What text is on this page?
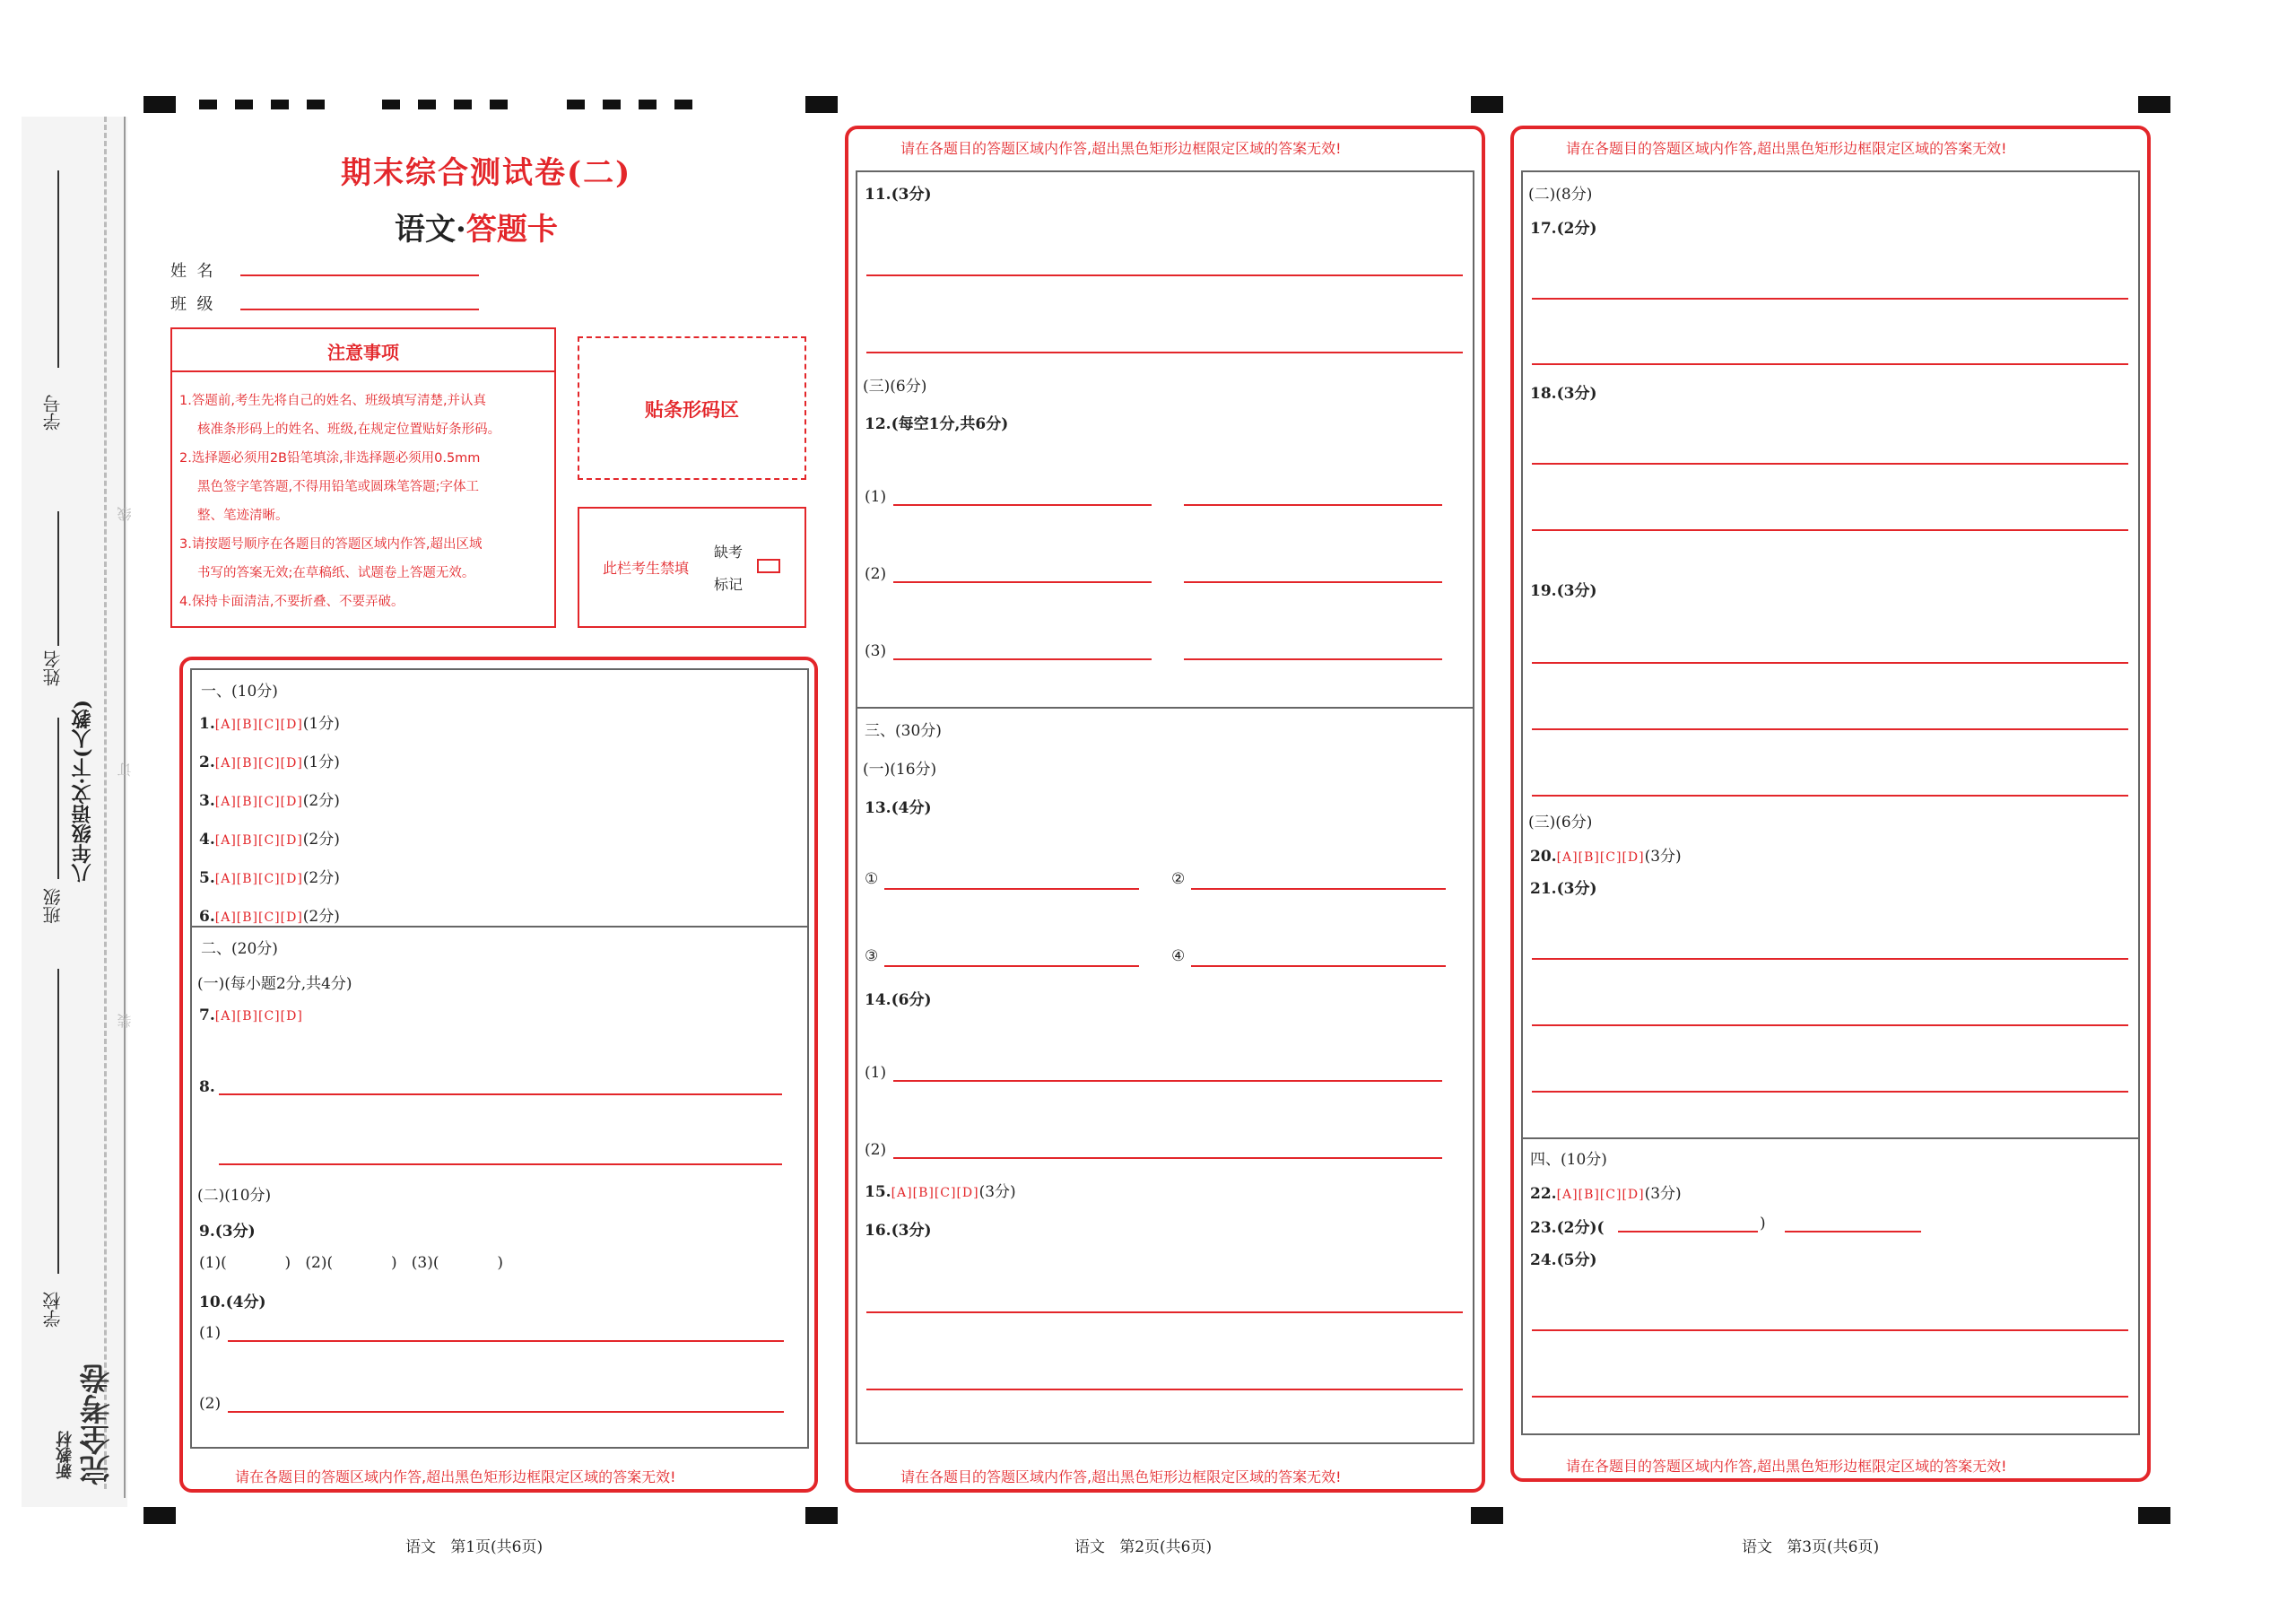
线
订
装
学号
姓名
班级
八年级语文·下(人教)
学校
新教材 完全考卷
期末综合测试卷(二)
语文·答题卡
姓  名
班  级
注意事项
1.答题前,考生先将自己的姓名、班级填写清楚,并认真
核准条形码上的姓名、班级,在规定位置贴好条形码。
2.选择题必须用2B铅笔填涂,非选择题必须用0.5mm
黑色签字笔答题,不得用铅笔或圆珠笔答题;字体工
整、笔迹清晰。
3.请按题号顺序在各题目的答题区域内作答,超出区域
书写的答案无效;在草稿纸、试题卷上答题无效。
4.保持卡面清洁,不要折叠、不要弄破。
贴条形码区
此栏考生禁填
缺考
标记
一、(10分)
1.[A][B][C][D](1分)
2.[A][B][C][D](1分)
3.[A][B][C][D](2分)
4.[A][B][C][D](2分)
5.[A][B][C][D](2分)
6.[A][B][C][D](2分)
二、(20分)
(一)(每小题2分,共4分)
7.[A][B][C][D]
8.
(二)(10分)
9.(3分)
(1)(            )   (2)(            )   (3)(            )
10.(4分)
(1)
(2)
请在各题目的答题区域内作答,超出黑色矩形边框限定区域的答案无效!
请在各题目的答题区域内作答,超出黑色矩形边框限定区域的答案无效!
11.(3分)
(三)(6分)
12.(每空1分,共6分)
(1)
(2)
(3)
三、(30分)
(一)(16分)
13.(4分)
①	②
③	④
14.(6分)
(1)
(2)
15.[A][B][C][D](3分)
16.(3分)
请在各题目的答题区域内作答,超出黑色矩形边框限定区域的答案无效!
请在各题目的答题区域内作答,超出黑色矩形边框限定区域的答案无效!
(二)(8分)
17.(2分)
18.(3分)
19.(3分)
(三)(6分)
20.[A][B][C][D](3分)
21.(3分)
四、(10分)
22.[A][B][C][D](3分)
23.(2分)(	)
24.(5分)
请在各题目的答题区域内作答,超出黑色矩形边框限定区域的答案无效!
语文   第1页(共6页)	语文   第2页(共6页)	语文   第3页(共6页)
